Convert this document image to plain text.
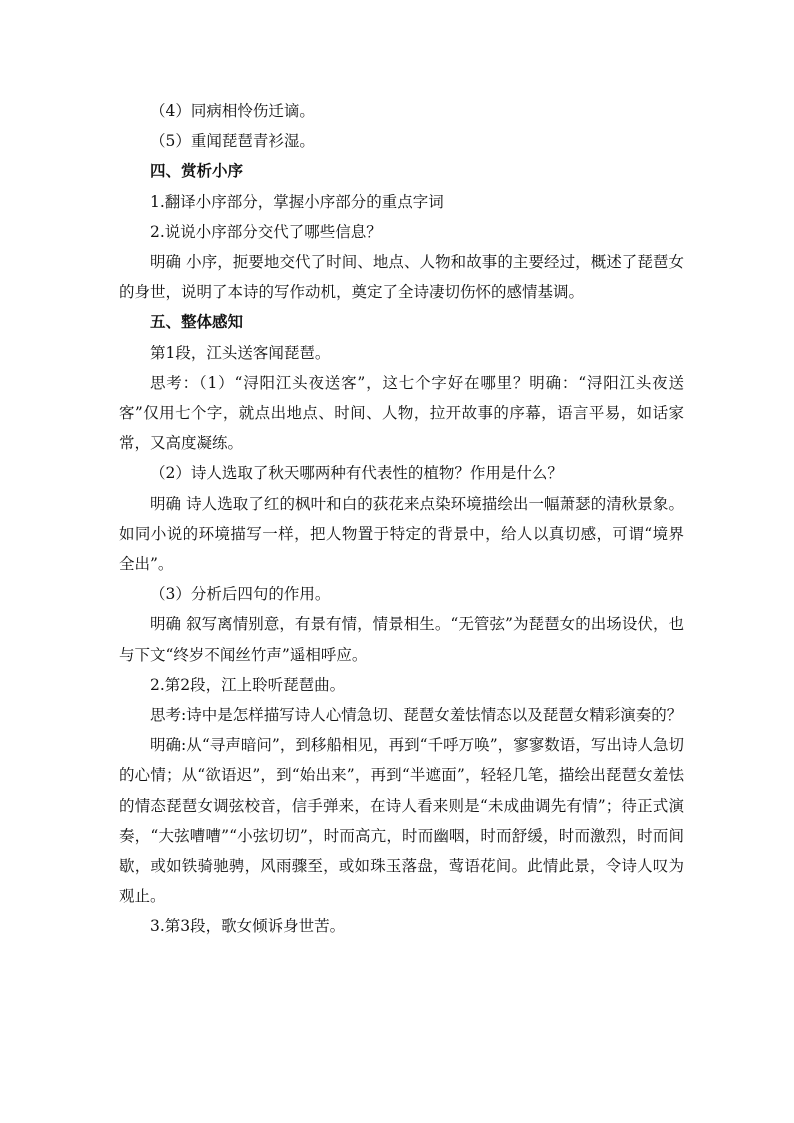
（4）同病相怜伤迁谪。

（5）重闻琵琶青衫湿。

四、赏析小序

1.翻译小序部分，掌握小序部分的重点字词

2.说说小序部分交代了哪些信息？

明确 小序，扼要地交代了时间、地点、人物和故事的主要经过，概述了琵琶女的身世，说明了本诗的写作动机，奠定了全诗凄切伤怀的感情基调。

五、整体感知

第1段，江头送客闻琵琶。

思考：（1）“浔阳江头夜送客”，这七个字好在哪里？明确：“浔阳江头夜送客”仅用七个字，就点出地点、时间、人物，拉开故事的序幕，语言平易，如话家常，又高度凝练。

（2）诗人选取了秋天哪两种有代表性的植物？作用是什么？

明确 诗人选取了红的枫叶和白的荻花来点染环境描绘出一幅萧瑟的清秋景象。如同小说的环境描写一样，把人物置于特定的背景中，给人以真切感，可谓“境界全出”。

（3）分析后四句的作用。

明确 叙写离情别意，有景有情，情景相生。“无管弦”为琵琶女的出场设伏，也与下文“终岁不闻丝竹声”遥相呼应。

2.第2段，江上聆听琵琶曲。

思考:诗中是怎样描写诗人心情急切、琵琶女羞怯情态以及琵琶女精彩演奏的？

明确:从“寻声暗问”，到移船相见，再到“千呼万唤”，寥寥数语，写出诗人急切的心情；从“欲语迟”，到“始出来”，再到“半遮面”，轻轻几笔，描绘出琵琶女羞怯的情态琵琶女调弦校音，信手弹来，在诗人看来则是“未成曲调先有情”；待正式演奏，“大弦嘈嘈”“小弦切切”，时而高亢，时而幽咽，时而舒缓，时而激烈，时而间歇，或如铁骑驰骋，风雨骤至，或如珠玉落盘，莺语花间。此情此景，令诗人叹为观止。

3.第3段，歌女倾诉身世苦。
